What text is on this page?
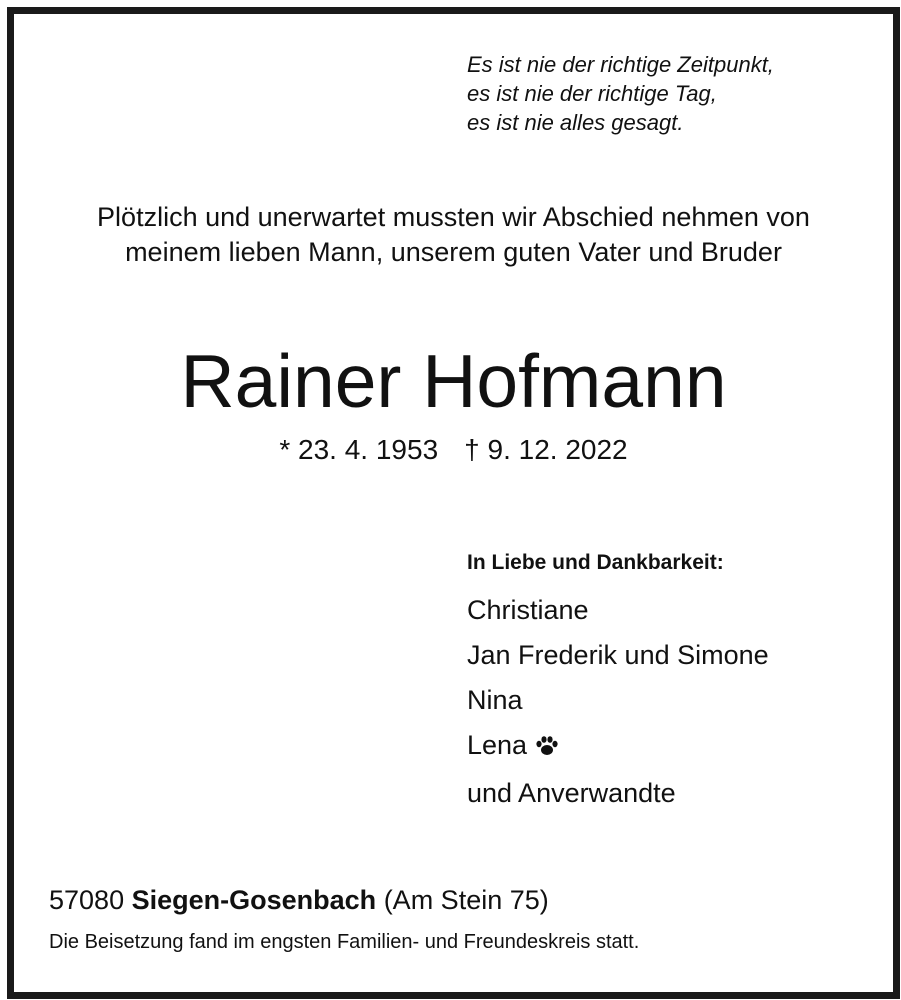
Es ist nie der richtige Zeitpunkt,
es ist nie der richtige Tag,
es ist nie alles gesagt.
Plötzlich und unerwartet mussten wir Abschied nehmen von
meinem lieben Mann, unserem guten Vater und Bruder
Rainer Hofmann
* 23. 4. 1953 † 9. 12. 2022
In Liebe und Dankbarkeit:
Christiane
Jan Frederik und Simone
Nina
Lena
und Anverwandte
57080 Siegen-Gosenbach (Am Stein 75)
Die Beisetzung fand im engsten Familien- und Freundeskreis statt.
